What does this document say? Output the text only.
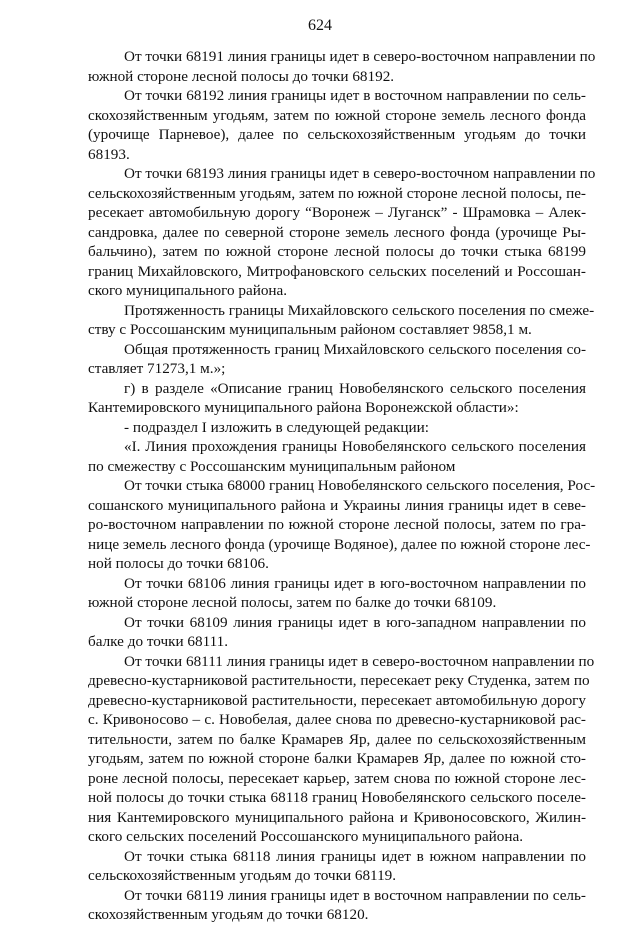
624
От точки 68191 линия границы идет в северо-восточном направлении по
южной стороне лесной полосы до точки 68192.
От точки 68192 линия границы идет в восточном направлении по сель-
скохозяйственным угодьям, затем по южной стороне земель лесного фонда
(урочище Парневое), далее по сельскохозяйственным угодьям до точки
68193.
От точки 68193 линия границы идет в северо-восточном направлении по
сельскохозяйственным угодьям, затем по южной стороне лесной полосы, пе-
ресекает автомобильную дорогу “Воронеж – Луганск” - Шрамовка – Алек-
сандровка, далее по северной стороне земель лесного фонда (урочище Ры-
бальчино), затем по южной стороне лесной полосы до точки стыка 68199
границ Михайловского, Митрофановского сельских поселений и Россошан-
ского муниципального района.
Протяженность границы Михайловского сельского поселения по смеже-
ству с Россошанским муниципальным районом составляет 9858,1 м.
Общая протяженность границ Михайловского сельского поселения со-
ставляет 71273,1 м.»;
г) в разделе «Описание границ Новобелянского сельского поселения
Кантемировского муниципального района Воронежской области»:
- подраздел I изложить в следующей редакции:
«I. Линия прохождения границы Новобелянского сельского поселения
по смежеству с Россошанским муниципальным районом
От точки стыка 68000 границ Новобелянского сельского поселения, Рос-
сошанского муниципального района и Украины линия границы идет в севе-
ро-восточном направлении по южной стороне лесной полосы, затем по гра-
нице земель лесного фонда (урочище Водяное), далее по южной стороне лес-
ной полосы до точки 68106.
От точки 68106 линия границы идет в юго-восточном направлении по
южной стороне лесной полосы, затем по балке до точки 68109.
От точки 68109 линия границы идет в юго-западном направлении по
балке до точки 68111.
От точки 68111 линия границы идет в северо-восточном направлении по
древесно-кустарниковой растительности, пересекает реку Студенка, затем по
древесно-кустарниковой растительности, пересекает автомобильную дорогу
с. Кривоносово – с. Новобелая, далее снова по древесно-кустарниковой рас-
тительности, затем по балке Крамарев Яр, далее по сельскохозяйственным
угодьям, затем по южной стороне балки Крамарев Яр, далее по южной сто-
роне лесной полосы, пересекает карьер, затем снова по южной стороне лес-
ной полосы до точки стыка 68118 границ Новобелянского сельского поселе-
ния Кантемировского муниципального района и Кривоносовского, Жилин-
ского сельских поселений Россошанского муниципального района.
От точки стыка 68118 линия границы идет в южном направлении по
сельскохозяйственным угодьям до точки 68119.
От точки 68119 линия границы идет в восточном направлении по сель-
скохозяйственным угодьям до точки 68120.
